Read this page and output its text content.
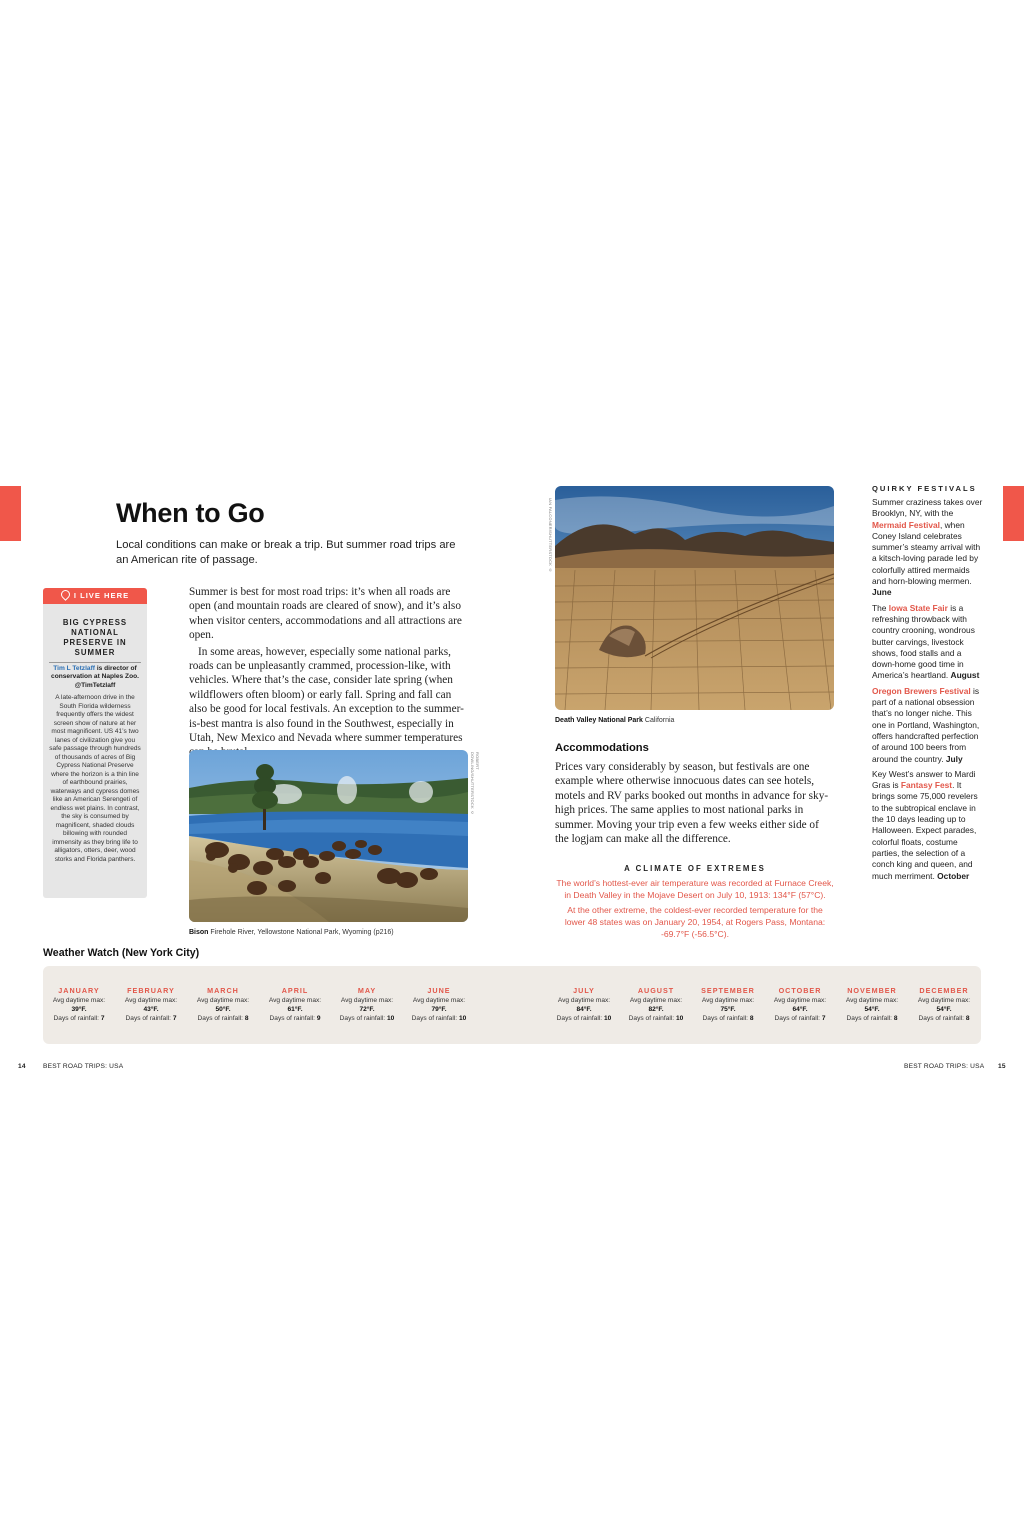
When to Go
Local conditions can make or break a trip. But summer road trips are an American rite of passage.
I LIVE HERE
BIG CYPRESS NATIONAL PRESERVE IN SUMMER
Tim L Tetzlaff is director of conservation at Naples Zoo.
@TimTetzlaff
A late-afternoon drive in the South Florida wilderness frequently offers the widest screen show of nature at her most magnificent. US 41’s two lanes of civilization give you safe passage through hundreds of thousands of acres of Big Cypress National Preserve where the horizon is a thin line of earthbound prairies, waterways and cypress domes like an American Serengeti of endless wet plains. In contrast, the sky is consumed by magnificent, shaded clouds billowing with rounded immensity as they bring life to alligators, otters, deer, wood storks and Florida panthers.

Summer is best for most road trips: it’s when all roads are open (and mountain roads are cleared of snow), and it’s also when visitor centers, accommodations and all attractions are open.

In some areas, however, especially some national parks, roads can be unpleasantly crammed, procession-like, with vehicles. Where that’s the case, consider late spring (when wildflowers often bloom) or early fall. Spring and fall can also be good for local festivals. An exception to the summer-is-best mantra is also found in the Southwest, especially in Utah, New Mexico and Nevada where summer temperatures

ROBERT DOWLING/SHUTTERSTOCK ©
Bison Firehole River, Yellowstone National Park, Wyoming (p216)
IAN FALCONER/SHUTTERSTOCK ©
Death Valley National Park California
Accommodations
Prices vary considerably by season, but festivals are one example where otherwise innocuous dates can see hotels, motels and RV parks booked out months in advance for sky-high prices. The same applies to most national parks in summer. Moving your trip even a few weeks either side of the logjam can make all the difference.
A CLIMATE OF EXTREMES
The world’s hottest-ever air temperature was recorded at Furnace Creek, in Death Valley in the Mojave Desert on July 10, 1913: 134°F (57°C).
At the other extreme, the coldest-ever recorded temperature for the lower 48 states was on January 20, 1954, at Rogers Pass, Montana: -69.7°F (-56.5°C).
QUIRKY FESTIVALS

Summer craziness takes over Brooklyn, NY, with the Mermaid Festival, when Coney Island celebrates summer’s steamy arrival with a kitsch-loving parade led by colorfully attired mermaids and horn-blowing mermen. June

The Iowa State Fair is a refreshing throwback with country crooning, wondrous butter carvings, livestock shows, food stalls and a down-home good time in America’s heartland. August

Oregon Brewers Festival is part of a national obsession that’s no longer niche. This one in Portland, Washington, offers handcrafted perfection of around 100 beers from around the country. July

Key West’s answer to Mardi Gras is Fantasy Fest. It brings some 75,000 revelers to the subtropical enclave in the 10 days leading up to Halloween. Expect parades, colorful floats, costume parties, the selection of a conch king and queen, and much merriment. October

Weather Watch (New York City)
JANUARY
Avg daytime max:
39°F.
Days of rainfall: 7
FEBRUARY
Avg daytime max:
43°F.
Days of rainfall: 7
MARCH
Avg daytime max:
50°F.
Days of rainfall: 8
APRIL
Avg daytime max:
61°F.
Days of rainfall: 9
MAY
Avg daytime max:
72°F.
Days of rainfall: 10
JUNE
Avg daytime max:
79°F.
Days of rainfall: 10
JULY
Avg daytime max:
84°F.
Days of rainfall: 10
AUGUST
Avg daytime max:
82°F.
Days of rainfall: 10
SEPTEMBER
Avg daytime max:
75°F.
Days of rainfall: 8
OCTOBER
Avg daytime max:
64°F.
Days of rainfall: 7
NOVEMBER
Avg daytime max:
54°F.
Days of rainfall: 8
DECEMBER
Avg daytime max:
54°F.
Days of rainfall: 8
14	BEST ROAD TRIPS: USA	BEST ROAD TRIPS: USA 15
